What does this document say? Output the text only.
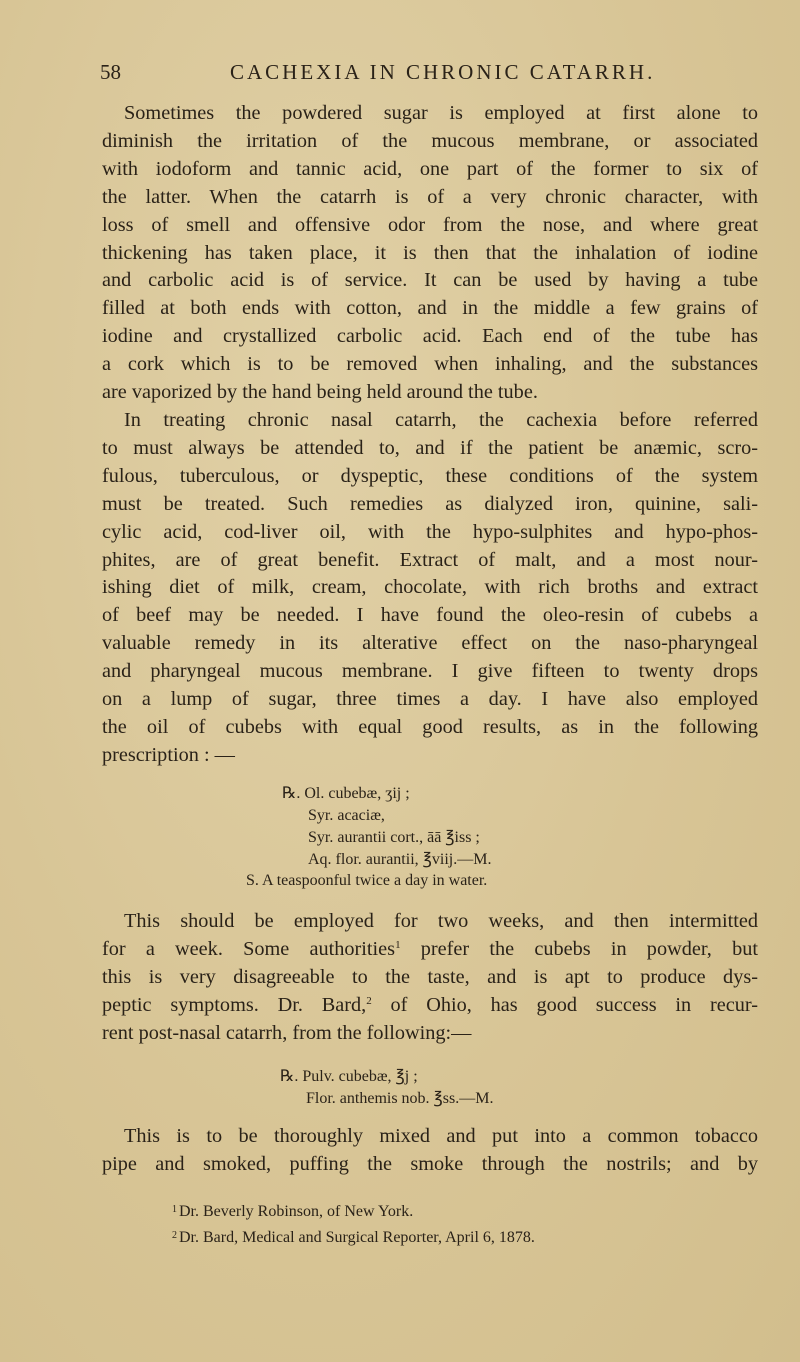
58	CACHEXIA IN CHRONIC CATARRH.
Sometimes the powdered sugar is employed at first alone to
diminish the irritation of the mucous membrane, or associated
with iodoform and tannic acid, one part of the former to six of
the latter. When the catarrh is of a very chronic character, with
loss of smell and offensive odor from the nose, and where great
thickening has taken place, it is then that the inhalation of iodine
and carbolic acid is of service. It can be used by having a tube
filled at both ends with cotton, and in the middle a few grains of
iodine and crystallized carbolic acid. Each end of the tube has
a cork which is to be removed when inhaling, and the substances
are vaporized by the hand being held around the tube.
In treating chronic nasal catarrh, the cachexia before referred
to must always be attended to, and if the patient be anæmic, scro-
fulous, tuberculous, or dyspeptic, these conditions of the system
must be treated. Such remedies as dialyzed iron, quinine, sali-
cylic acid, cod-liver oil, with the hypo-sulphites and hypo-phos-
phites, are of great benefit. Extract of malt, and a most nour-
ishing diet of milk, cream, chocolate, with rich broths and extract
of beef may be needed. I have found the oleo-resin of cubebs a
valuable remedy in its alterative effect on the naso-pharyngeal
and pharyngeal mucous membrane. I give fifteen to twenty drops
on a lump of sugar, three times a day. I have also employed
the oil of cubebs with equal good results, as in the following
prescription : —
℞. Ol. cubebæ, ʒij ;
Syr. acaciæ,
Syr. aurantii cort., āā ℥iss ;
Aq. flor. aurantii, ℥viij.—M.
S. A teaspoonful twice a day in water.
This should be employed for two weeks, and then intermitted
for a week. Some authorities$^1$ prefer the cubebs in powder, but
this is very disagreeable to the taste, and is apt to produce dys-
peptic symptoms. Dr. Bard,$^2$ of Ohio, has good success in recur-
rent post-nasal catarrh, from the following:—
℞. Pulv. cubebæ, ℥j ;
Flor. anthemis nob. ℥ss.—M.
This is to be thoroughly mixed and put into a common tobacco
pipe and smoked, puffing the smoke through the nostrils; and by
$^1$ Dr. Beverly Robinson, of New York.
$^2$ Dr. Bard, Medical and Surgical Reporter, April 6, 1878.
